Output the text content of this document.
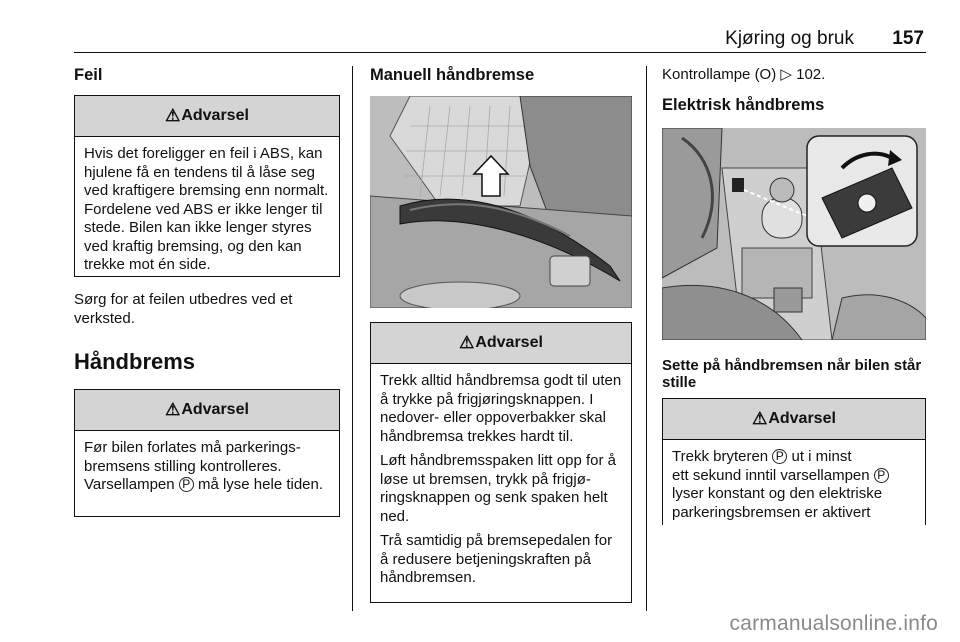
Kjøring og bruk 157
Feil
⚠ Advarsel

Hvis det foreligger en feil i ABS, kan hjulene få en tendens til å låse seg ved kraftigere bremsing enn normalt. Fordelene ved ABS er ikke lenger til stede. Bilen kan ikke lenger styres ved kraftig bremsing, og den kan trekke mot én side.

Sørg for at feilen utbedres ved et verksted.

Håndbrems
⚠ Advarsel

Før bilen forlates må parkeringsbremsens stilling kontrolleres. Varsellampen P må lyse hele tiden.

Manuell håndbremse
⚠ Advarsel

Trekk alltid håndbremsa godt til uten å trykke på frigjøringsknappen. I nedover- eller oppoverbakker skal håndbremsa trekkes hardt til.

Løft håndbremsspaken litt opp for å løse ut bremsen, trykk på frigjøringsknappen og senk spaken helt ned.

Trå samtidig på bremsepedalen for å redusere betjeningskraften på håndbremsen.

Kontrollampe (O) ▷ 102.

Elektrisk håndbrems
Sette på håndbremsen når bilen står stille
⚠ Advarsel

Trekk bryteren P ut i minst

ett sekund inntil varsellampen P

lyser konstant og den elektriske

parkeringsbremsen er aktivert

carmanualsonline.info
